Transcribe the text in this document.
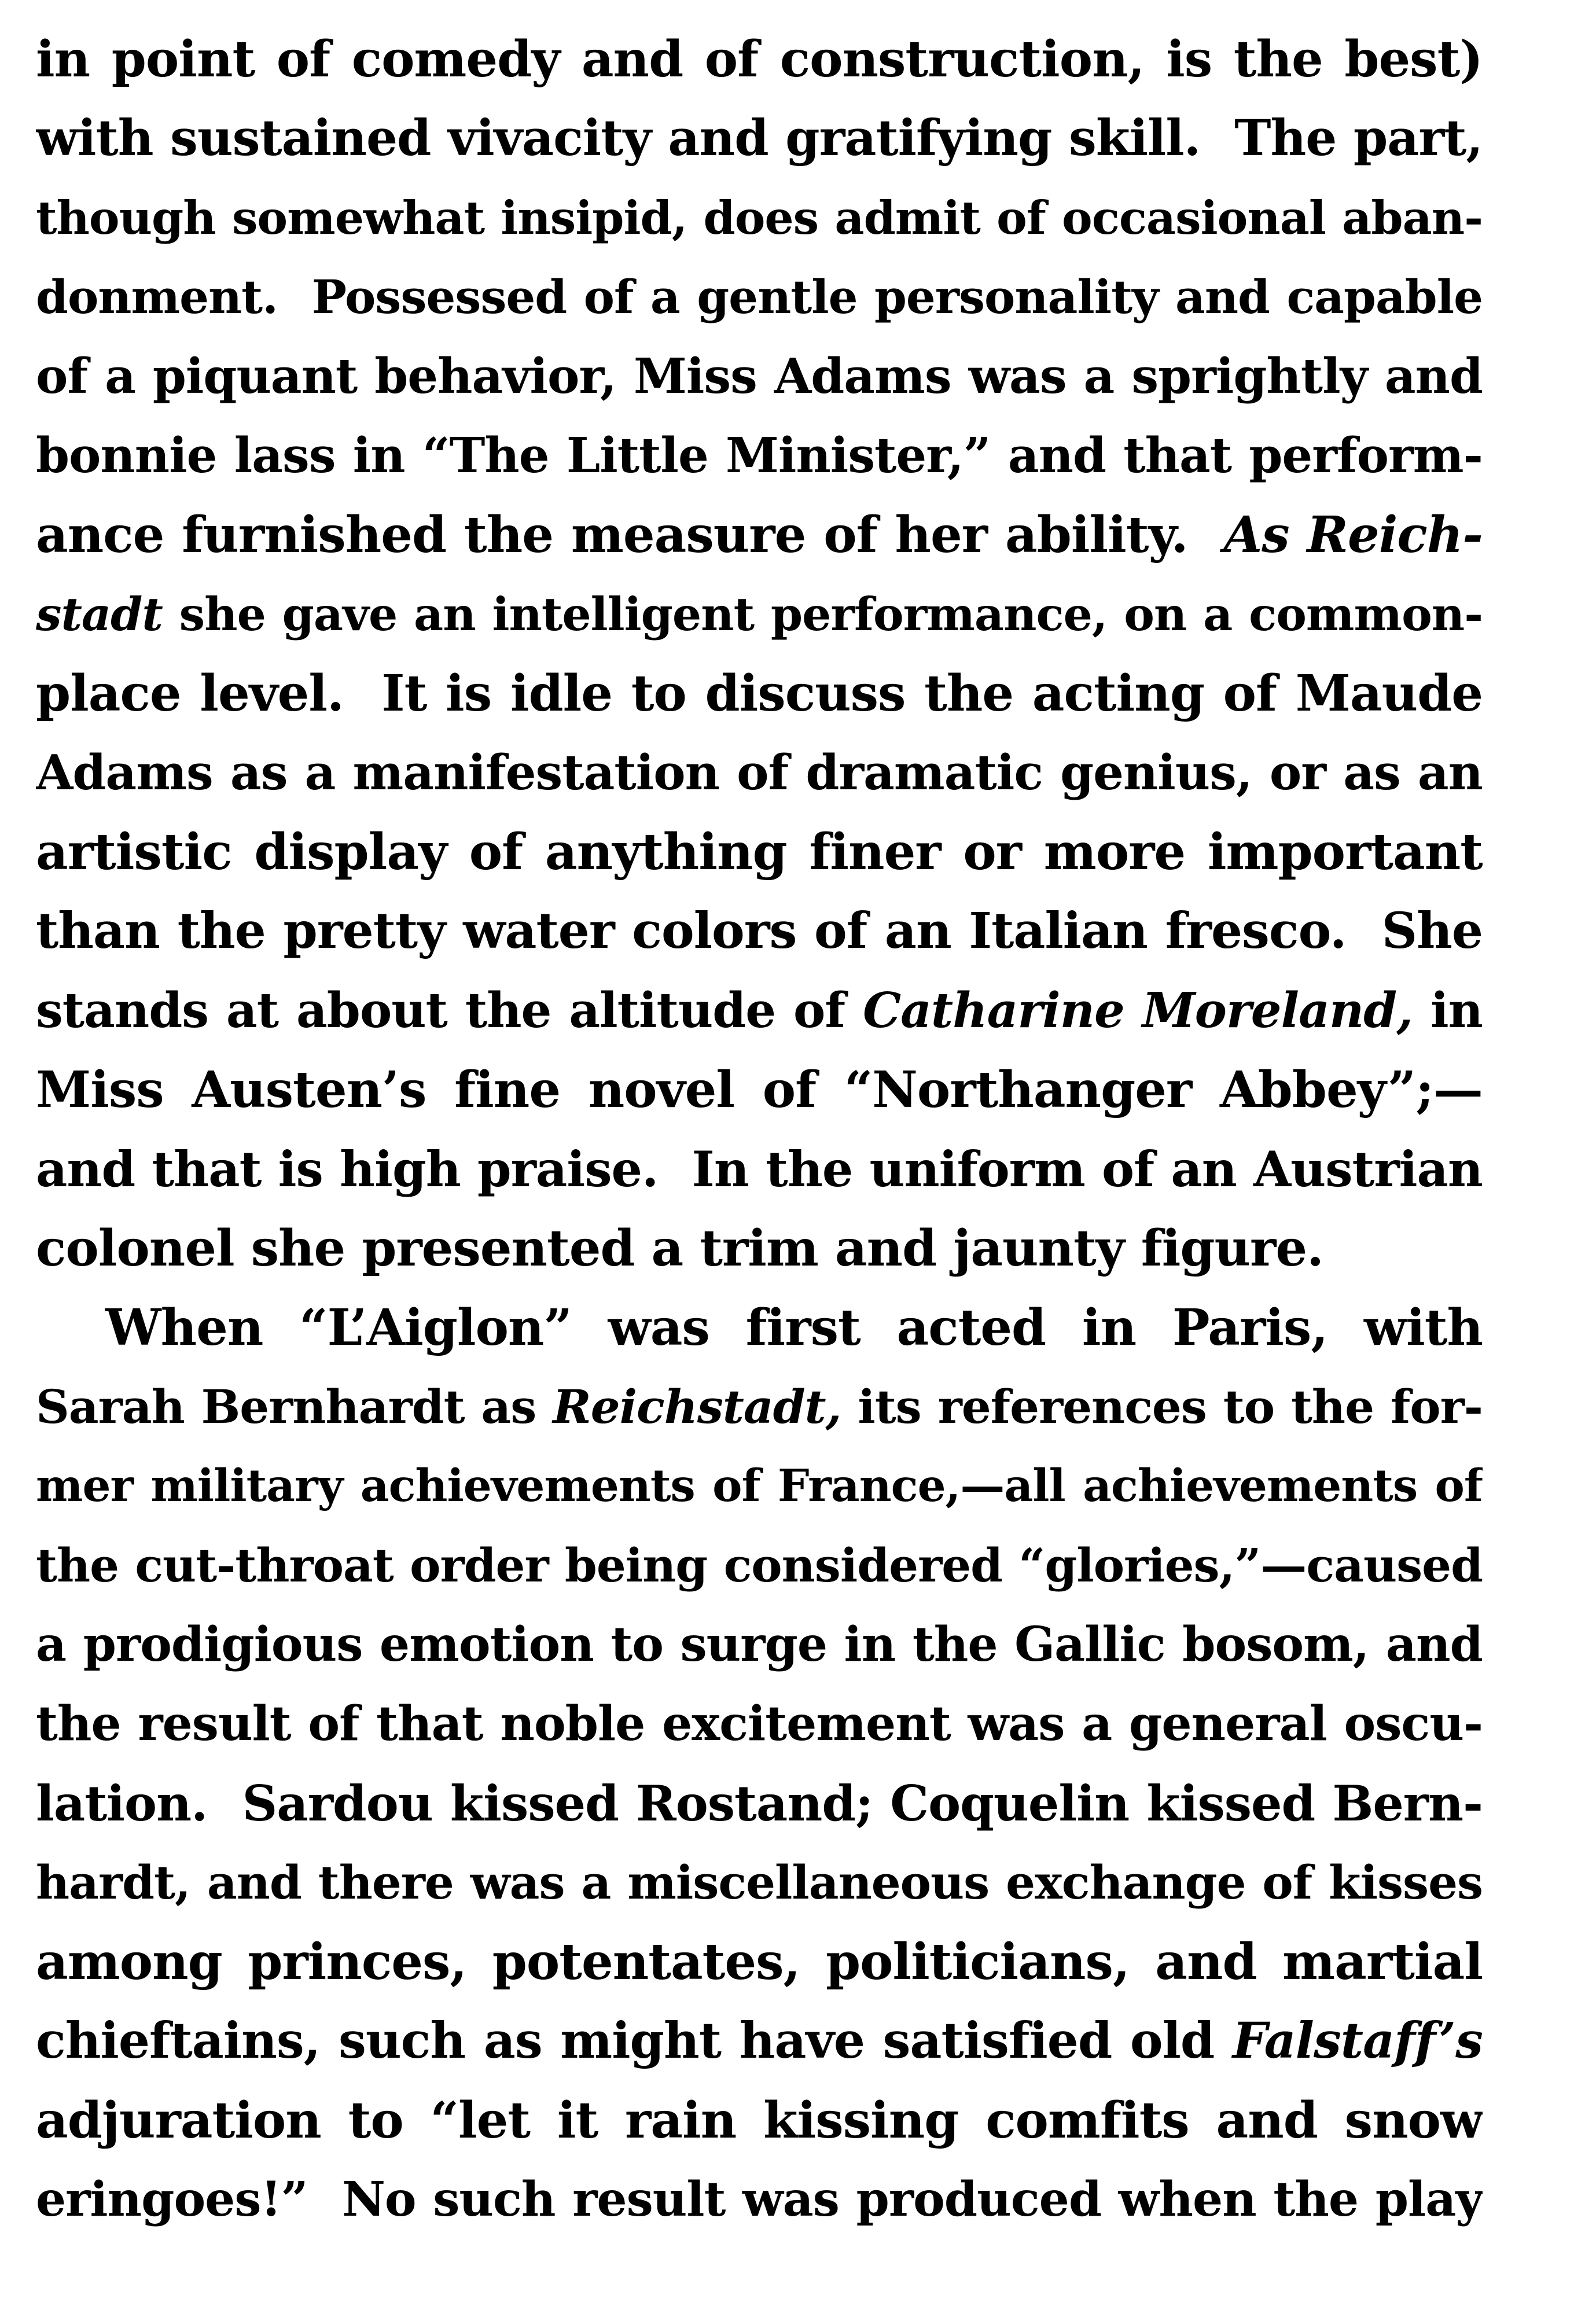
in point of comedy and of construction, is the best)
with sustained vivacity and gratifying skill.  The part,
though somewhat insipid, does admit of occasional aban-
donment.  Possessed of a gentle personality and capable
of a piquant behavior, Miss Adams was a sprightly and
bonnie lass in “The Little Minister,” and that perform-
ance furnished the measure of her ability.  As Reich-
stadt she gave an intelligent performance, on a common-
place level.  It is idle to discuss the acting of Maude
Adams as a manifestation of dramatic genius, or as an
artistic display of anything finer or more important
than the pretty water colors of an Italian fresco.  She
stands at about the altitude of Catharine Moreland, in
Miss Austen’s fine novel of “Northanger Abbey”;—
and that is high praise.  In the uniform of an Austrian
colonel she presented a trim and jaunty figure.
When “L’Aiglon” was first acted in Paris, with
Sarah Bernhardt as Reichstadt, its references to the for-
mer military achievements of France,—all achievements of
the cut-throat order being considered “glories,”—caused
a prodigious emotion to surge in the Gallic bosom, and
the result of that noble excitement was a general oscu-
lation.  Sardou kissed Rostand; Coquelin kissed Bern-
hardt, and there was a miscellaneous exchange of kisses
among princes, potentates, politicians, and martial
chieftains, such as might have satisfied old Falstaff’s
adjuration to “let it rain kissing comfits and snow
eringoes!”  No such result was produced when the play
